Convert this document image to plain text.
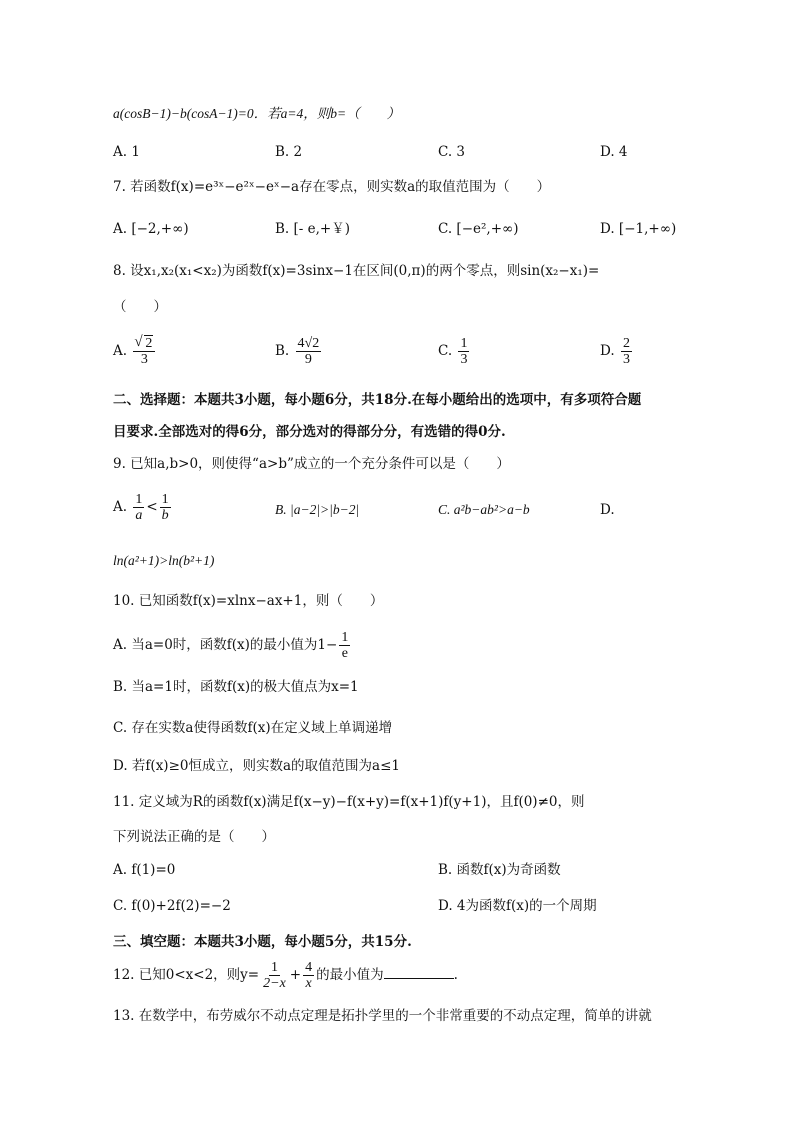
a(cosB−1)−b(cosA−1)=0．若a=4，则b=（　　）
A. 1	B. 2	C. 3	D. 4
7. 若函数f(x)=e³ˣ−e²ˣ−eˣ−a存在零点，则实数a的取值范围为（　　）
A. [−2,+∞)	B. [- e,+￥)	C. [−e²,+∞)	D. [−1,+∞)
8. 设x₁,x₂(x₁<x₂)为函数f(x)=3sinx−1在区间(0,π)的两个零点，则sin(x₂−x₁)=
（　　）
A.
√ $\frac{2}{3}$	B. $\frac{4√2}{9}$	C. $\frac{1}{3}$	D. $\frac{2}{3}$
二、选择题：本题共3小题，每小题6分，共18分.在每小题给出的选项中，有多项符合题
目要求.全部选对的得6分，部分选对的得部分分，有选错的得0分.
9. 已知a,b>0，则使得“a>b”成立的一个充分条件可以是（　　）
A. $\frac{1}{a} < \frac{1}{b}$	B. |a−2|>|b−2|	C. a²b−ab²>a−b	D.
ln(a²+1)>ln(b²+1)
10. 已知函数f(x)=xlnx−ax+1，则（　　）
A. 当a=0时，函数f(x)的最小值为$1- \frac{1}{e}$
B. 当a=1时，函数f(x)的极大值点为x=1
C. 存在实数a使得函数f(x)在定义域上单调递增
D. 若f(x)≥0恒成立，则实数a的取值范围为a≤1
11. 定义域为R的函数f(x)满足f(x−y)−f(x+y)=f(x+1)f(y+1)，且f(0)≠0，则
下列说法正确的是（　　）
A. f(1)=0	B. 函数f(x)为奇函数
C. f(0)+2f(2)=−2	D. 4为函数f(x)的一个周期
三、填空题：本题共3小题，每小题5分，共15分.
12. 已知0<x<2，则$y= \frac{1}{2-x} + \frac{4}{x}$ 的最小值为	.
13. 在数学中，布劳威尔不动点定理是拓扑学里的一个非常重要的不动点定理，简单的讲就
